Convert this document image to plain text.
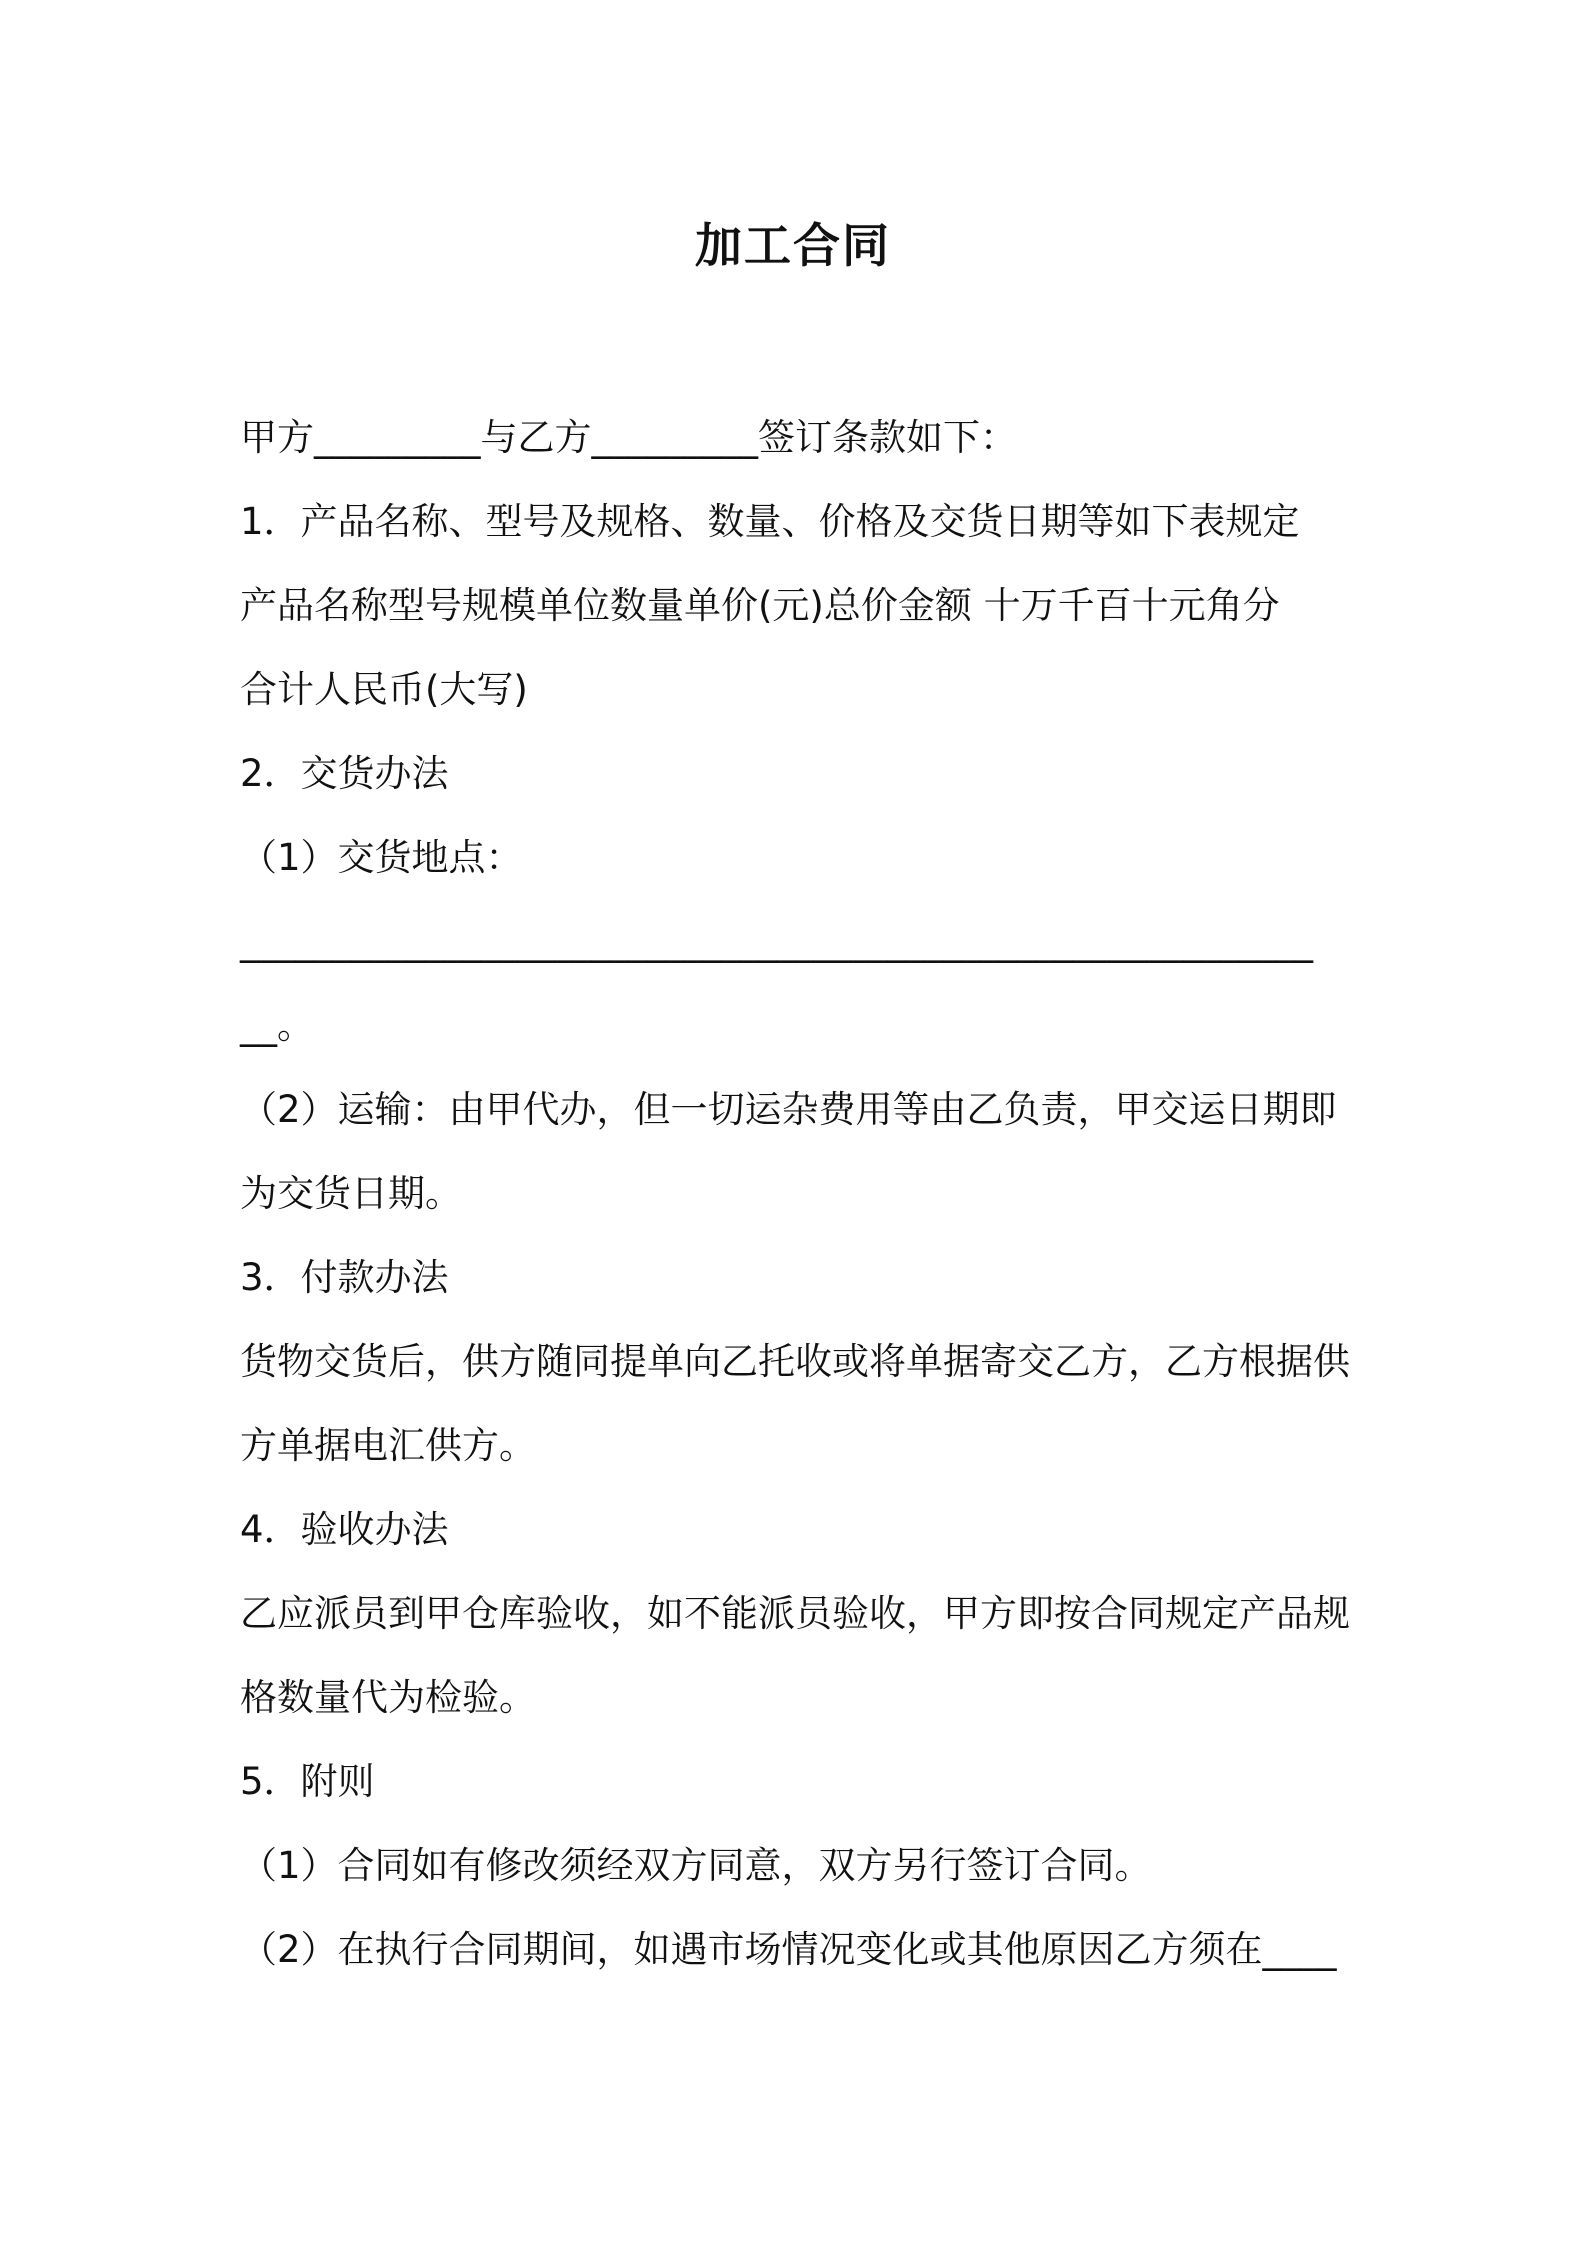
加工合同
甲方_________与乙方_________签订条款如下：
1．产品名称、型号及规格、数量、价格及交货日期等如下表规定
产品名称型号规模单位数量单价(元)总价金额 十万千百十元角分
合计人民币(大写)
2．交货办法
（1）交货地点：
__________________________________________________________
__。
（2）运输：由甲代办，但一切运杂费用等由乙负责，甲交运日期即
为交货日期。
3．付款办法
货物交货后，供方随同提单向乙托收或将单据寄交乙方，乙方根据供
方单据电汇供方。
4．验收办法
乙应派员到甲仓库验收，如不能派员验收，甲方即按合同规定产品规
格数量代为检验。
5．附则
（1）合同如有修改须经双方同意，双方另行签订合同。
（2）在执行合同期间，如遇市场情况变化或其他原因乙方须在____
